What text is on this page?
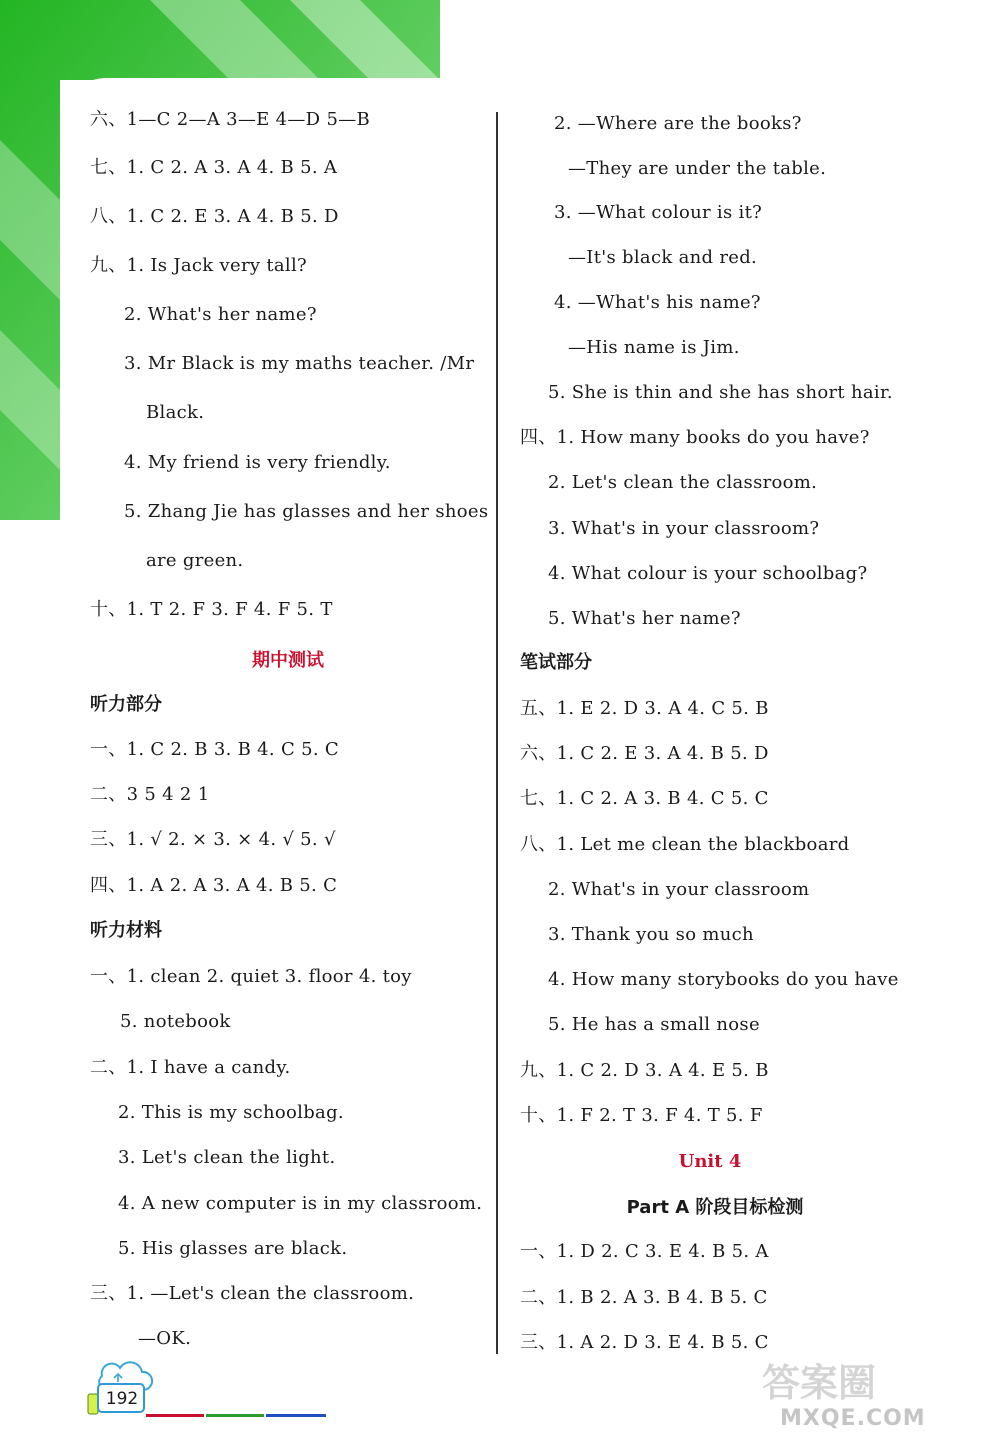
六、1—C 2—A 3—E 4—D 5—B
七、1. C 2. A 3. A 4. B 5. A
八、1. C 2. E 3. A 4. B 5. D
九、1. Is Jack very tall?
2. What's her name?
3. Mr Black is my maths teacher. /Mr
Black.
4. My friend is very friendly.
5. Zhang Jie has glasses and her shoes
are green.
十、1. T 2. F 3. F 4. F 5. T
期中测试
听力部分
一、1. C 2. B 3. B 4. C 5. C
二、3 5 4 2 1
三、1. √ 2. × 3. × 4. √ 5. √
四、1. A 2. A 3. A 4. B 5. C
听力材料
一、1. clean 2. quiet 3. floor 4. toy
5. notebook
二、1. I have a candy.
2. This is my schoolbag.
3. Let's clean the light.
4. A new computer is in my classroom.
5. His glasses are black.
三、1. —Let's clean the classroom.
—OK.
2. —Where are the books?
—They are under the table.
3. —What colour is it?
—It's black and red.
4. —What's his name?
—His name is Jim.
5. She is thin and she has short hair.
四、1. How many books do you have?
2. Let's clean the classroom.
3. What's in your classroom?
4. What colour is your schoolbag?
5. What's her name?
笔试部分
五、1. E 2. D 3. A 4. C 5. B
六、1. C 2. E 3. A 4. B 5. D
七、1. C 2. A 3. B 4. C 5. C
八、1. Let me clean the blackboard
2. What's in your classroom
3. Thank you so much
4. How many storybooks do you have
5. He has a small nose
九、1. C 2. D 3. A 4. E 5. B
十、1. F 2. T 3. F 4. T 5. F
Unit 4
Part A 阶段目标检测
一、1. D 2. C 3. E 4. B 5. A
二、1. B 2. A 3. B 4. B 5. C
三、1. A 2. D 3. E 4. B 5. C
192	答案圈
MXQE.COM
